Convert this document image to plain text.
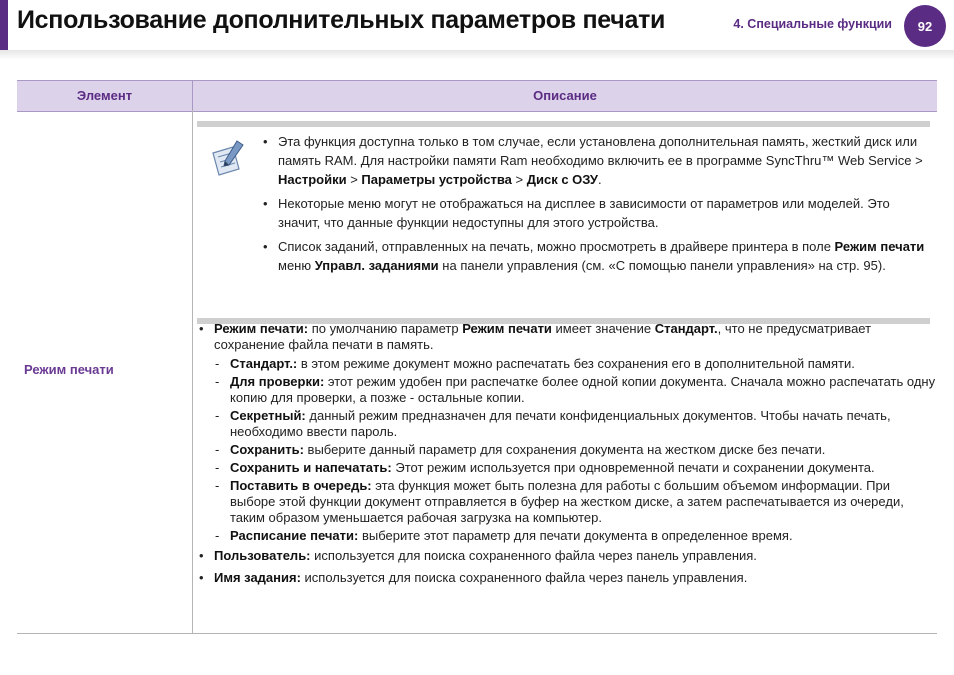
Использование дополнительных параметров печати	4. Специальные функции	92
Элемент	Описание
Режим печати
• Эта функция доступна только в том случае, если установлена дополнительная память, жесткий диск или память RAM. Для настройки памяти Ram необходимо включить ее в программе SyncThru™ Web Service > Настройки > Параметры устройства > Диск с ОЗУ.
• Некоторые меню могут не отображаться на дисплее в зависимости от параметров или моделей. Это значит, что данные функции недоступны для этого устройства.
• Список заданий, отправленных на печать, можно просмотреть в драйвере принтера в поле Режим печати меню Управл. заданиями на панели управления (см. «С помощью панели управления» на стр. 95).
• Режим печати: по умолчанию параметр Режим печати имеет значение Стандарт., что не предусматривает сохранение файла печати в память.
- Стандарт.: в этом режиме документ можно распечатать без сохранения его в дополнительной памяти.
- Для проверки: этот режим удобен при распечатке более одной копии документа. Сначала можно распечатать одну копию для проверки, а позже - остальные копии.
- Секретный: данный режим предназначен для печати конфиденциальных документов. Чтобы начать печать, необходимо ввести пароль.
- Сохранить: выберите данный параметр для сохранения документа на жестком диске без печати.
- Сохранить и напечатать: Этот режим используется при одновременной печати и сохранении документа.
- Поставить в очередь: эта функция может быть полезна для работы с большим объемом информации. При выборе этой функции документ отправляется в буфер на жестком диске, а затем распечатывается из очереди, таким образом уменьшается рабочая загрузка на компьютер.
- Расписание печати: выберите этот параметр для печати документа в определенное время.
• Пользователь: используется для поиска сохраненного файла через панель управления.
• Имя задания: используется для поиска сохраненного файла через панель управления.
